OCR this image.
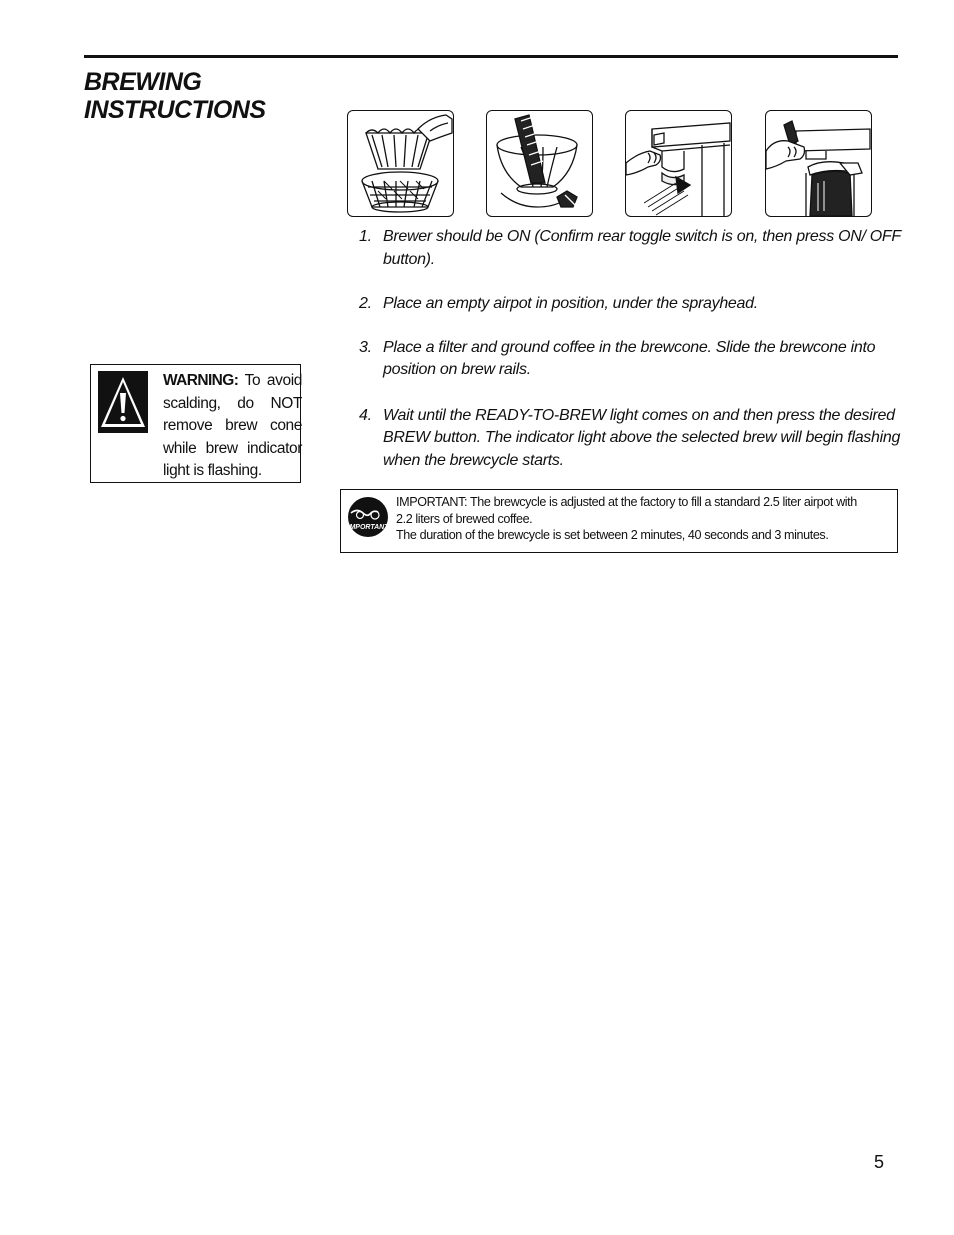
BREWING
INSTRUCTIONS
1. Brewer should be ON (Confirm rear toggle switch is on, then press ON/ OFF button).
2. Place an empty airpot in position, under the sprayhead.
3. Place a filter and ground coffee in the brewcone. Slide the brewcone into position on brew rails.
4. Wait until the READY-TO-BREW light comes on and then press the desired BREW button. The indicator light above the selected brew will begin flashing when the brewcycle starts.
WARNING: To avoid scalding, do NOT remove brew cone while brew indicator light is flashing.
IMPORTANT
IMPORTANT: The brewcycle is adjusted at the factory to fill a standard 2.5 liter airpot with
2.2 liters of brewed coffee.
The duration of the brewcycle is set between 2 minutes, 40 seconds and 3 minutes.
5
